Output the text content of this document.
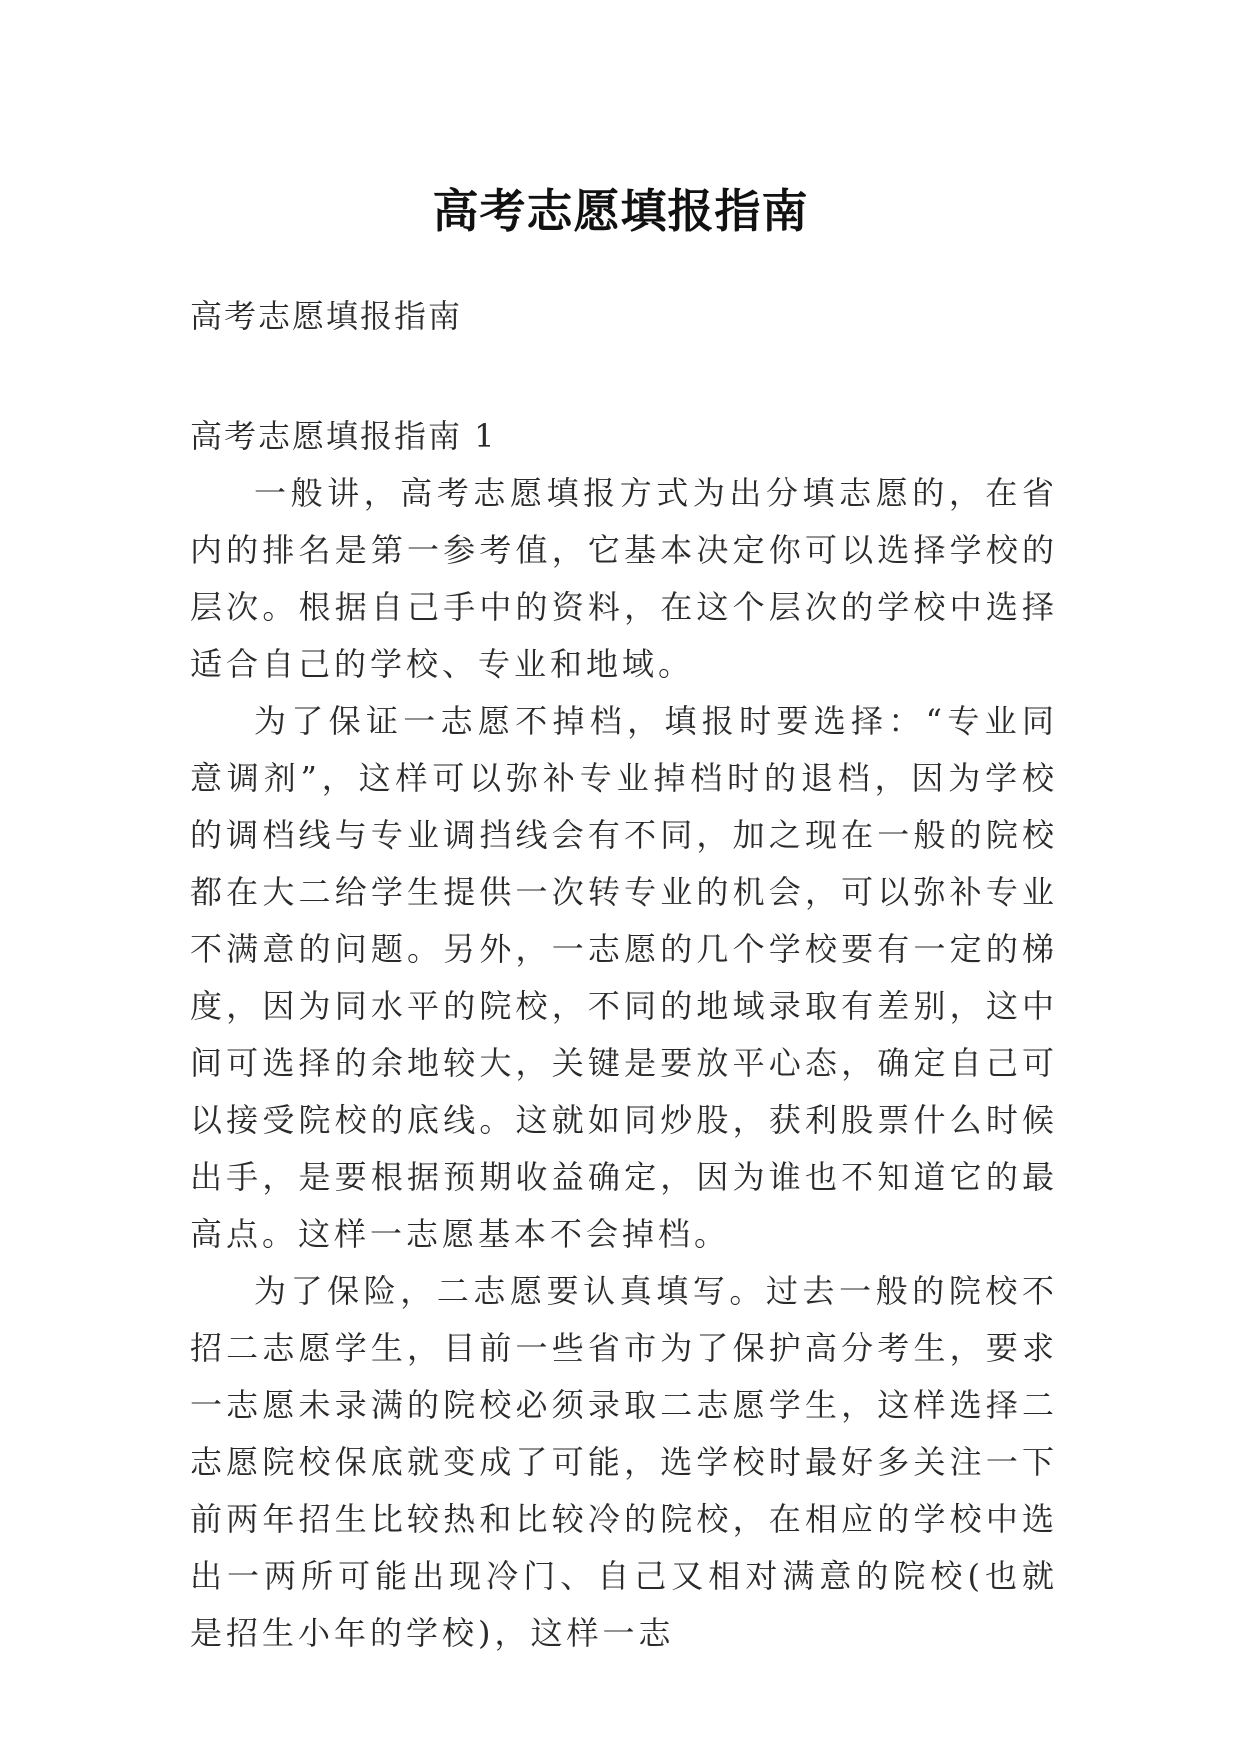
高考志愿填报指南

高考志愿填报指南

高考志愿填报指南 1

一般讲，高考志愿填报方式为出分填志愿的，在省内的排名是第一参考值，它基本决定你可以选择学校的层次。根据自己手中的资料，在这个层次的学校中选择适合自己的学校、专业和地域。

为了保证一志愿不掉档，填报时要选择：“专业同意调剂”，这样可以弥补专业掉档时的退档，因为学校的调档线与专业调挡线会有不同，加之现在一般的院校都在大二给学生提供一次转专业的机会，可以弥补专业不满意的问题。另外，一志愿的几个学校要有一定的梯度，因为同水平的院校，不同的地域录取有差别，这中间可选择的余地较大，关键是要放平心态，确定自己可以接受院校的底线。这就如同炒股，获利股票什么时候出手，是要根据预期收益确定，因为谁也不知道它的最高点。这样一志愿基本不会掉档。

为了保险，二志愿要认真填写。过去一般的院校不招二志愿学生，目前一些省市为了保护高分考生，要求一志愿未录满的院校必须录取二志愿学生，这样选择二志愿院校保底就变成了可能，选学校时最好多关注一下前两年招生比较热和比较冷的院校，在相应的学校中选出一两所可能出现冷门、自己又相对满意的院校(也就是招生小年的学校)，这样一志
